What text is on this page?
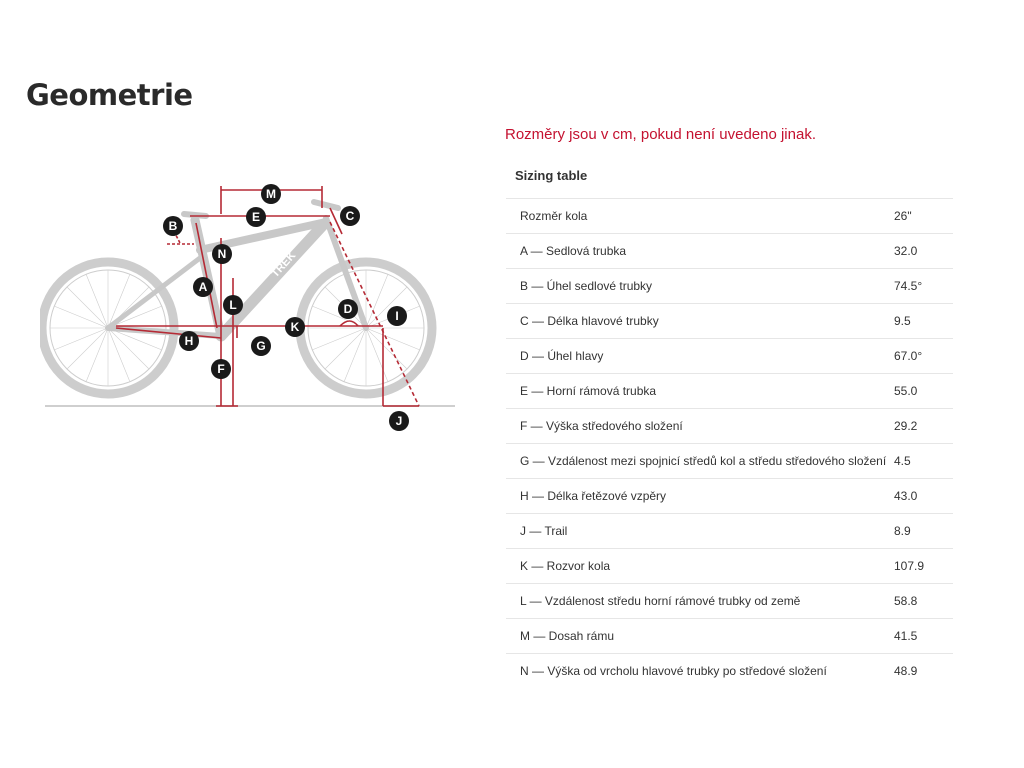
Geometrie
TREK
M
E	C
B
N
A
L	D	I
K
H	G
F
J
Rozměry jsou v cm, pokud není uvedeno jinak.
Sizing table
Rozměr kola	26"
A — Sedlová trubka	32.0
B — Úhel sedlové trubky	74.5°
C — Délka hlavové trubky	9.5
D — Úhel hlavy	67.0°
E — Horní rámová trubka	55.0
F — Výška středového složení	29.2
G — Vzdálenost mezi spojnicí středů kol a středu středového složení 4.5
H — Délka řetězové vzpěry	43.0
J — Trail	8.9
K — Rozvor kola	107.9
L — Vzdálenost středu horní rámové trubky od země	58.8
M — Dosah rámu	41.5
N — Výška od vrcholu hlavové trubky po středové složení	48.9
